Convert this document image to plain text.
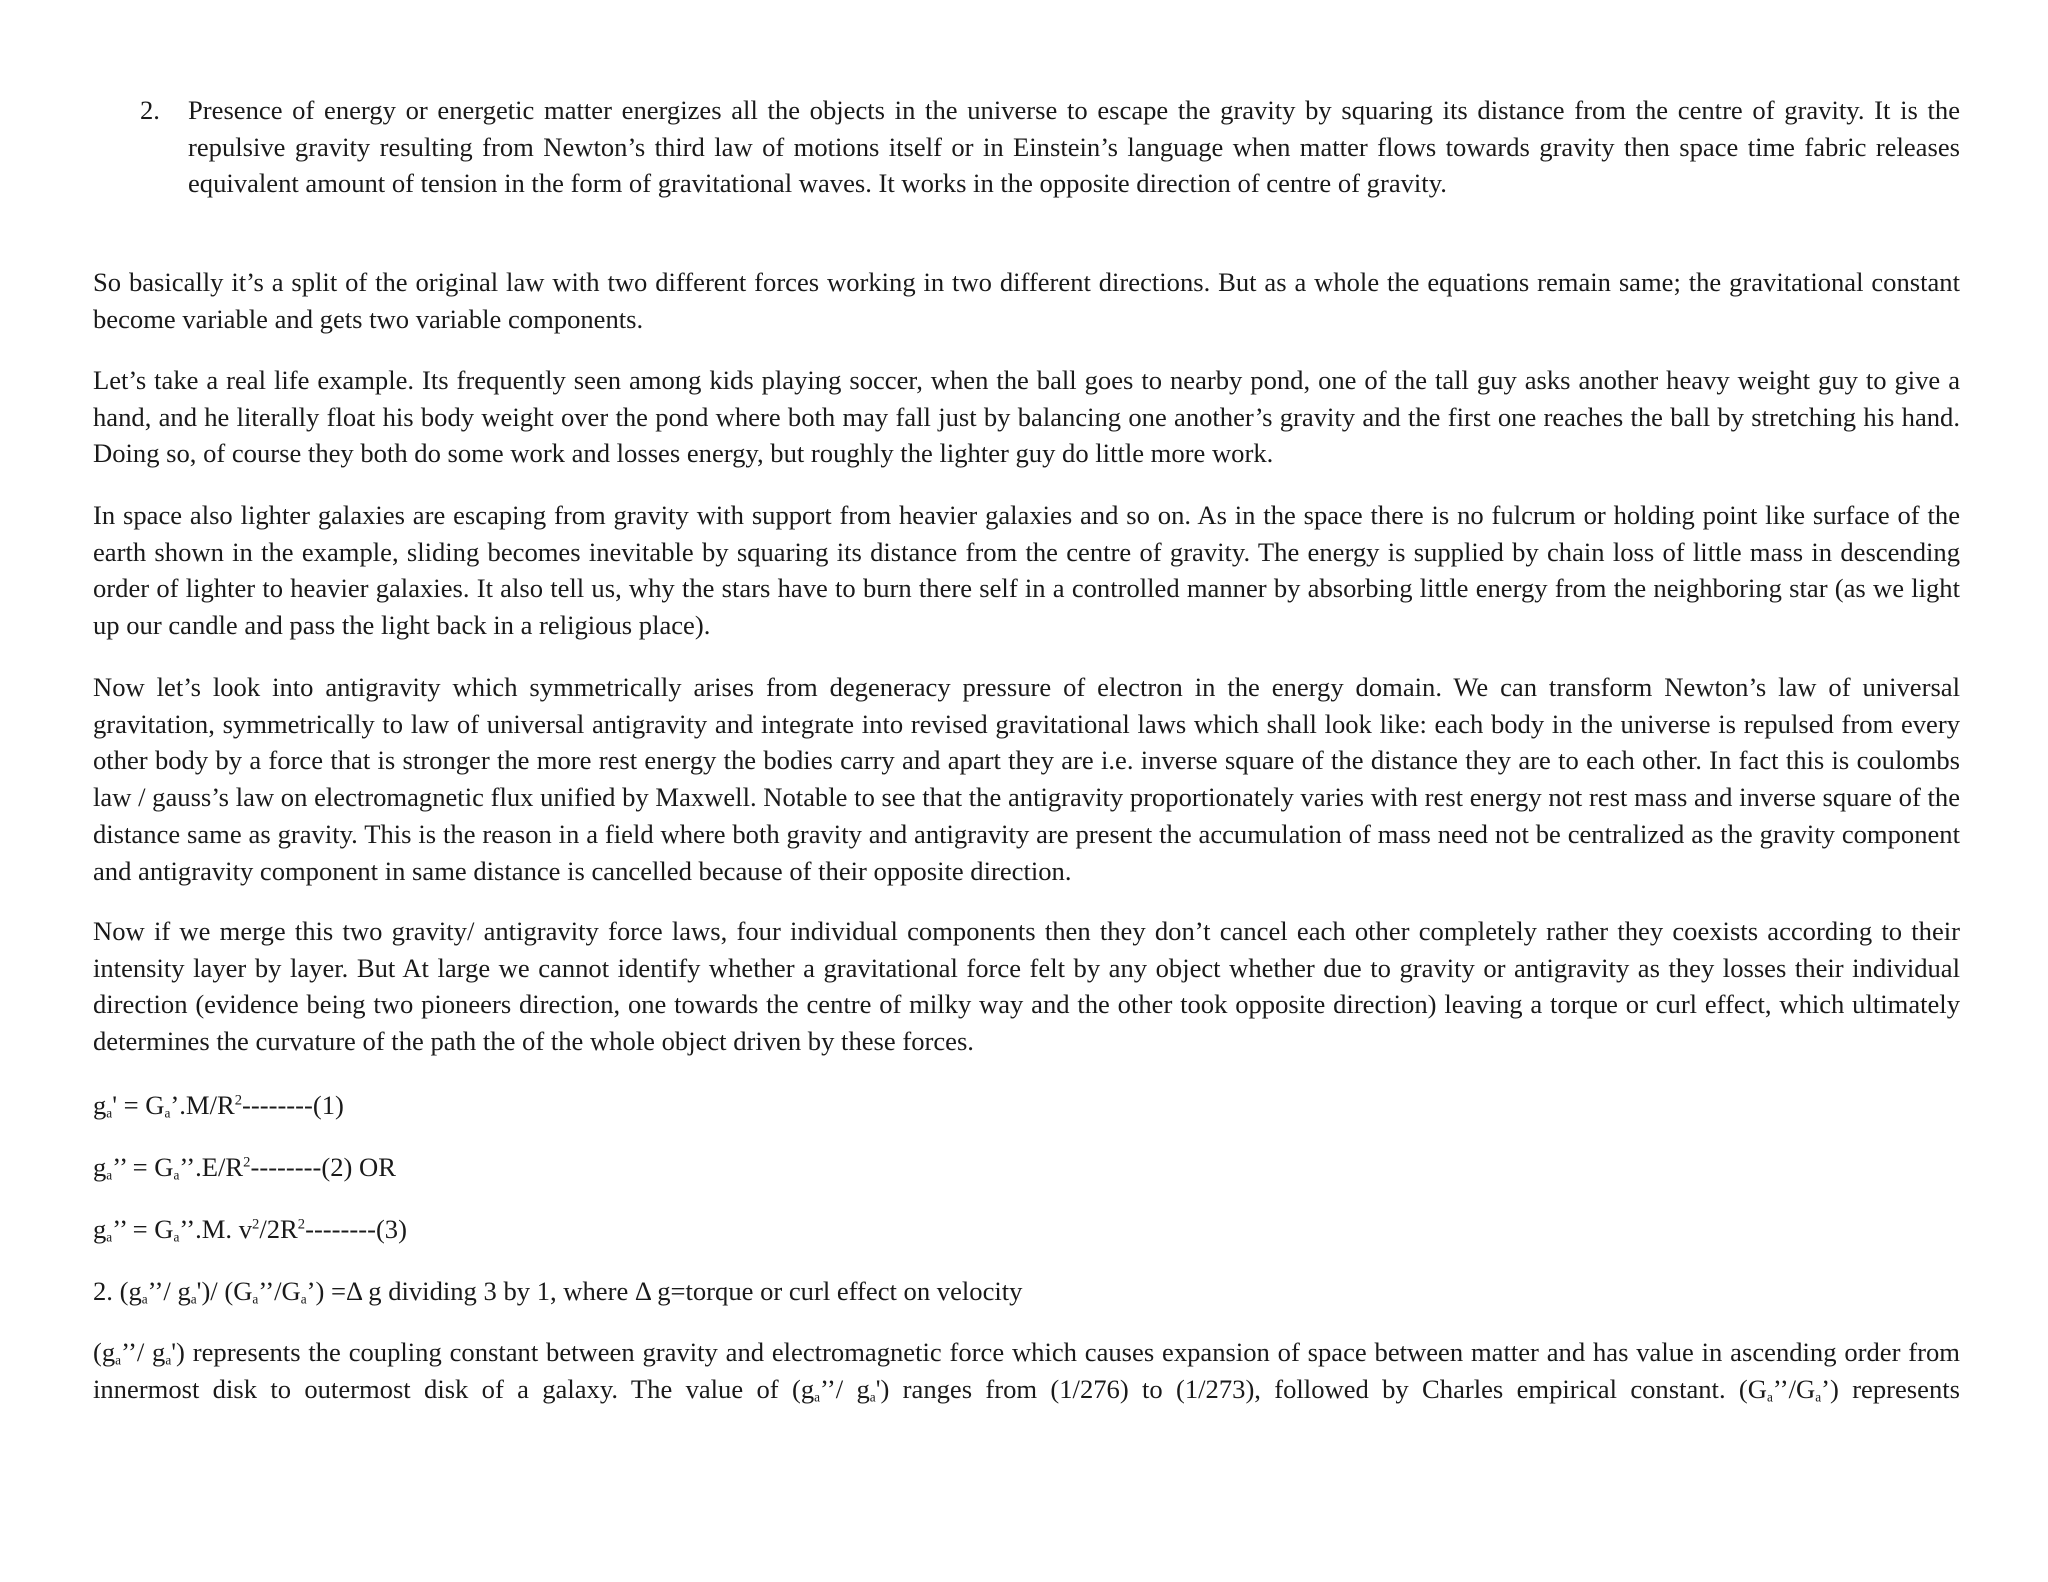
2. Presence of energy or energetic matter energizes all the objects in the universe to escape the gravity by squaring its distance from the centre of gravity. It is the repulsive gravity resulting from Newton’s third law of motions itself or in Einstein’s language when matter flows towards gravity then space time fabric releases equivalent amount of tension in the form of gravitational waves. It works in the opposite direction of centre of gravity.

So basically it’s a split of the original law with two different forces working in two different directions. But as a whole the equations remain same; the gravitational constant become variable and gets two variable components.

Let’s take a real life example. Its frequently seen among kids playing soccer, when the ball goes to nearby pond, one of the tall guy asks another heavy weight guy to give a hand, and he literally float his body weight over the pond where both may fall just by balancing one another’s gravity and the first one reaches the ball by stretching his hand. Doing so, of course they both do some work and losses energy, but roughly the lighter guy do little more work.

In space also lighter galaxies are escaping from gravity with support from heavier galaxies and so on. As in the space there is no fulcrum or holding point like surface of the earth shown in the example, sliding becomes inevitable by squaring its distance from the centre of gravity. The energy is supplied by chain loss of little mass in descending order of lighter to heavier galaxies. It also tell us, why the stars have to burn there self in a controlled manner by absorbing little energy from the neighboring star (as we light up our candle and pass the light back in a religious place).

Now let’s look into antigravity which symmetrically arises from degeneracy pressure of electron in the energy domain. We can transform Newton’s law of universal gravitation, symmetrically to law of universal antigravity and integrate into revised gravitational laws which shall look like: each body in the universe is repulsed from every other body by a force that is stronger the more rest energy the bodies carry and apart they are i.e. inverse square of the distance they are to each other. In fact this is coulombs law / gauss’s law on electromagnetic flux unified by Maxwell. Notable to see that the antigravity proportionately varies with rest energy not rest mass and inverse square of the distance same as gravity. This is the reason in a field where both gravity and antigravity are present the accumulation of mass need not be centralized as the gravity component and antigravity component in same distance is cancelled because of their opposite direction.

Now if we merge this two gravity/ antigravity force laws, four individual components then they don’t cancel each other completely rather they coexists according to their intensity layer by layer. But At large we cannot identify whether a gravitational force felt by any object whether due to gravity or antigravity as they losses their individual direction (evidence being two pioneers direction, one towards the centre of milky way and the other took opposite direction) leaving a torque or curl effect, which ultimately determines the curvature of the path the of the whole object driven by these forces.

$g_a'$ = $G_a’.M/R^2--------(1)$
$g_a$’’ = $G_a’’.E/R^2--------(2)$ OR
$g_a$’’ = $G_a’’.M$. $v^2/2R^2--------(3)$
2. ($g_a’’/$ $g_a')/$ $(G_a’’/G_a’) =\Delta$ g dividing 3 by 1, where Δ g=torque or curl effect on velocity

($g_a’’/$ $g_a'$) represents the coupling constant between gravity and electromagnetic force which causes expansion of space between matter and has value in ascending order from innermost disk to outermost disk of a galaxy. The value of ($g_a’’/$ $g_a'$) ranges from (1/276) to (1/273), followed by Charles empirical constant. $(G_a’’/G_a’)$ represents
